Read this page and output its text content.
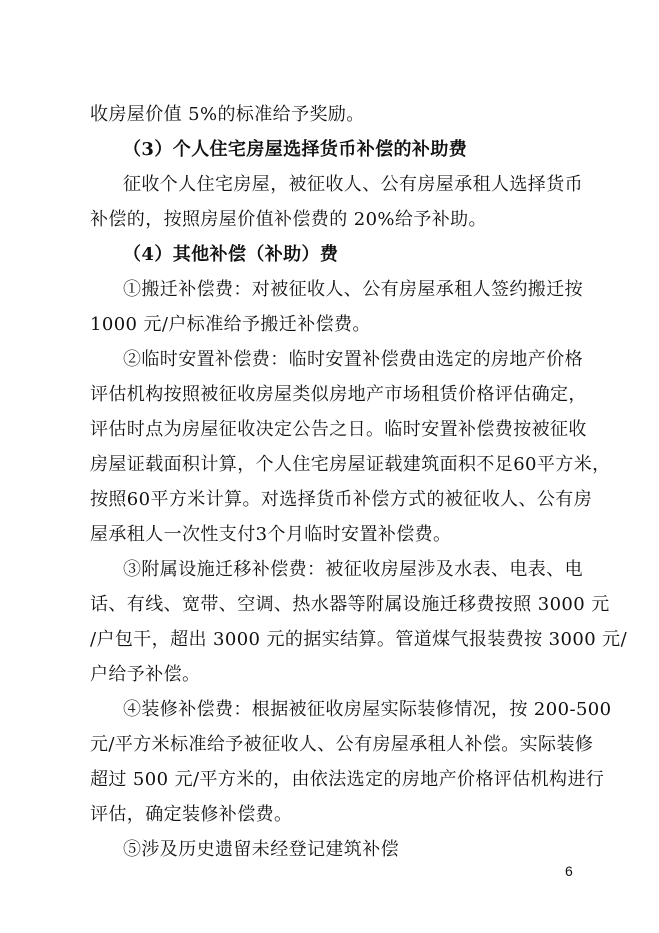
收房屋价值 5%的标准给予奖励。
（3）个人住宅房屋选择货币补偿的补助费
征收个人住宅房屋，被征收人、公有房屋承租人选择货币
补偿的，按照房屋价值补偿费的 20%给予补助。
（4）其他补偿（补助）费
①搬迁补偿费：对被征收人、公有房屋承租人签约搬迁按
1000 元/户标准给予搬迁补偿费。
②临时安置补偿费：临时安置补偿费由选定的房地产价格
评估机构按照被征收房屋类似房地产市场租赁价格评估确定，
评估时点为房屋征收决定公告之日。临时安置补偿费按被征收
房屋证载面积计算，个人住宅房屋证载建筑面积不足60平方米，
按照60平方米计算。对选择货币补偿方式的被征收人、公有房
屋承租人一次性支付3个月临时安置补偿费。
③附属设施迁移补偿费：被征收房屋涉及水表、电表、电
话、有线、宽带、空调、热水器等附属设施迁移费按照 3000 元
/户包干，超出 3000 元的据实结算。管道煤气报装费按 3000 元/
户给予补偿。
④装修补偿费：根据被征收房屋实际装修情况，按 200-500
元/平方米标准给予被征收人、公有房屋承租人补偿。实际装修
超过 500 元/平方米的，由依法选定的房地产价格评估机构进行
评估，确定装修补偿费。
⑤涉及历史遗留未经登记建筑补偿
6
